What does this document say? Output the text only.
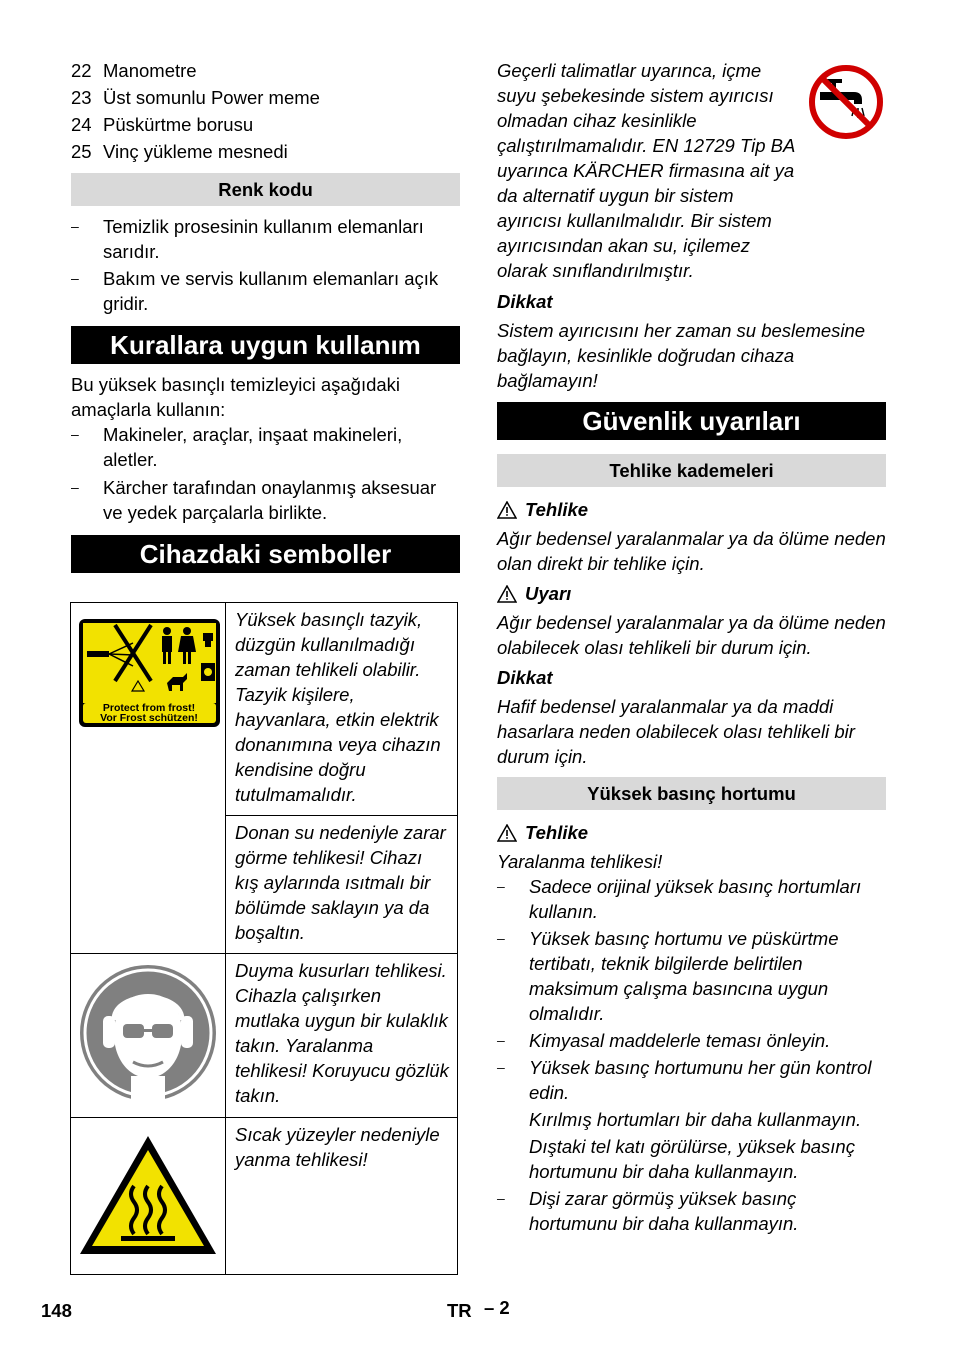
22 Manometre
23 Üst somunlu Power meme
24 Püskürtme borusu
25 Vinç yükleme mesnedi
Renk kodu
–	Temizlik prosesinin kullanım elemanları sarıdır.
–	Bakım ve servis kullanım elemanları açık gridir.
Kurallara uygun kullanım

Bu yüksek basınçlı temizleyici aşağıdaki amaçlarla kullanın:

–	Makineler, araçlar, inşaat makineleri, aletler.
–	Kärcher tarafından onaylanmış aksesuar ve yedek parçalarla birlikte.
Cihazdaki semboller
Protect from frost!
Vor Frost schützen!	Yüksek basınçlı tazyik, düzgün kullanılmadığı zaman tehlikeli olabilir. Tazyik kişilere, hayvanlara, etkin elektrik donanımına veya cihazın kendisine doğru tutulmamalıdır.
	Donan su nedeniyle zarar görme tehlikesi! Cihazı kış aylarında ısıtmalı bir bölümde saklayın ya da boşaltın.
	Duyma kusurları tehlikesi. Cihazla çalışırken mutlaka uygun bir kulaklık takın. Yaralanma tehlikesi! Koruyucu gözlük takın.
	Sıcak yüzeyler nedeniyle yanma tehlikesi!

Geçerli talimatlar uyarınca, içme suyu şebekesinde sistem ayırıcısı olmadan cihaz kesinlikle çalıştırılmamalıdır. EN 12729 Tip BA uyarınca KÄRCHER firmasına ait ya da alternatif uygun bir sistem ayırıcısı kullanılmalıdır. Bir sistem ayırıcısından akan su, içilemez olarak sınıflandırılmıştır.

Dikkat

Sistem ayırıcısını her zaman su beslemesine bağlayın, kesinlikle doğrudan cihaza bağlamayın!

Güvenlik uyarıları
Tehlike kademeleri

Tehlike

Ağır bedensel yaralanmalar ya da ölüme neden olan direkt bir tehlike için.

Uyarı

Ağır bedensel yaralanmalar ya da ölüme neden olabilecek olası tehlikeli bir durum için.

Dikkat

Hafif bedensel yaralanmalar ya da maddi hasarlara neden olabilecek olası tehlikeli bir durum için.

Yüksek basınç hortumu

Tehlike

Yaralanma tehlikesi!

–	Sadece orijinal yüksek basınç hortumları kullanın.
–	Yüksek basınç hortumu ve püskürtme tertibatı, teknik bilgilerde belirtilen maksimum çalışma basıncına uygun olmalıdır.
–	Kimyasal maddelerle teması önleyin.
–	Yüksek basınç hortumunu her gün kontrol edin.

Kırılmış hortumları bir daha kullanmayın.

Dıştaki tel katı görülürse, yüksek basınç hortumunu bir daha kullanmayın.

–	Dişi zarar görmüş yüksek basınç hortumunu bir daha kullanmayın.
148	TR – 2
